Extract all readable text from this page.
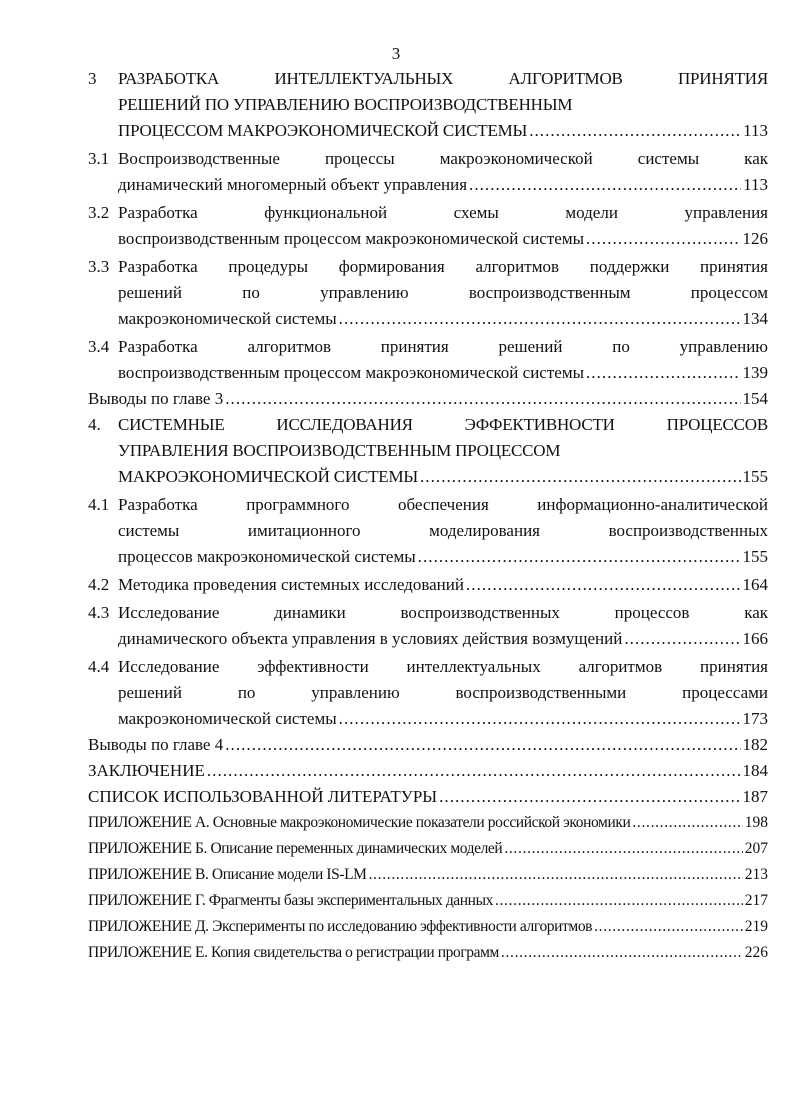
3
3	РАЗРАБОТКА ИНТЕЛЛЕКТУАЛЬНЫХ АЛГОРИТМОВ ПРИНЯТИЯ
РЕШЕНИЙ ПО УПРАВЛЕНИЮ ВОСПРОИЗВОДСТВЕННЫМ
ПРОЦЕССОМ МАКРОЭКОНОМИЧЕСКОЙ СИСТЕМЫ . . .	113
3.1 Воспроизводственные процессы макроэкономической системы как
динамический многомерный объект управления . . .	113
3.2 Разработка функциональной схемы модели управления
воспроизводственным процессом макроэкономической системы . . .	126
3.3 Разработка процедуры формирования алгоритмов поддержки принятия
решений по управлению воспроизводственным процессом
макроэкономической системы . . .	134
3.4 Разработка алгоритмов принятия решений по управлению
воспроизводственным процессом макроэкономической системы . . .	139
Выводы по главе 3 . . .	154
4.	СИСТЕМНЫЕ ИССЛЕДОВАНИЯ ЭФФЕКТИВНОСТИ ПРОЦЕССОВ
УПРАВЛЕНИЯ ВОСПРОИЗВОДСТВЕННЫМ ПРОЦЕССОМ
МАКРОЭКОНОМИЧЕСКОЙ СИСТЕМЫ . . .	155
4.1 Разработка программного обеспечения информационно-аналитической
системы имитационного моделирования воспроизводственных
процессов макроэкономической системы . . .	155
4.2 Методика проведения системных исследований . . .	164
4.3 Исследование динамики воспроизводственных процессов как
динамического объекта управления в условиях действия возмущений . . .	166
4.4 Исследование эффективности интеллектуальных алгоритмов принятия
решений по управлению воспроизводственными процессами
макроэкономической системы . . .	173
Выводы по главе 4 . . .	182
ЗАКЛЮЧЕНИЕ . . .	184
СПИСОК ИСПОЛЬЗОВАННОЙ ЛИТЕРАТУРЫ . . .	187
ПРИЛОЖЕНИЕ А. Основные макроэкономические показатели российской экономики . . .	198
ПРИЛОЖЕНИЕ Б. Описание переменных динамических моделей . . .	207
ПРИЛОЖЕНИЕ В. Описание модели IS-LM . . .	213
ПРИЛОЖЕНИЕ Г. Фрагменты базы экспериментальных данных . . .	217
ПРИЛОЖЕНИЕ Д. Эксперименты по исследованию эффективности алгоритмов . . .	219
ПРИЛОЖЕНИЕ Е. Копия свидетельства о регистрации программ . . .	226
